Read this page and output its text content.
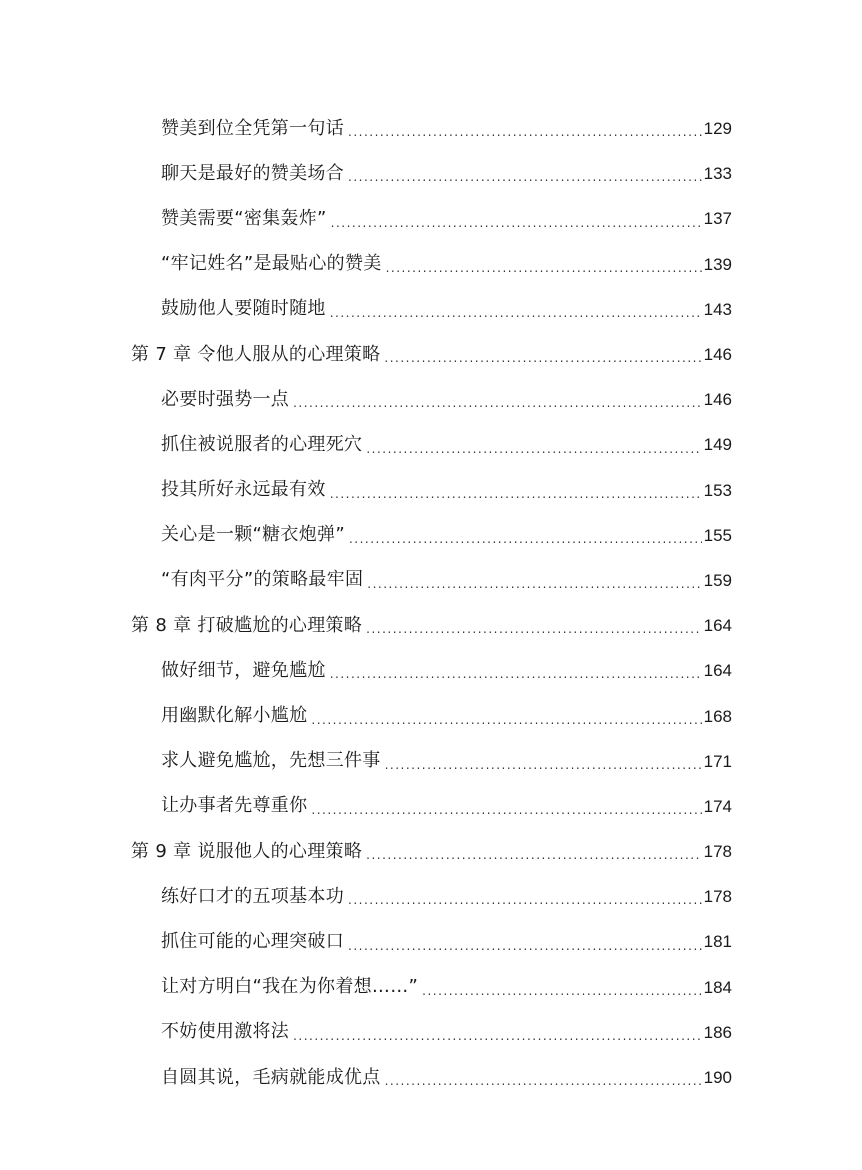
赞美到位全凭第一句话 .....	129
聊天是最好的赞美场合 .....	133
赞美需要“密集轰炸” .....	137
“牢记姓名”是最贴心的赞美 .....	139
鼓励他人要随时随地 .....	143
第 7 章 令他人服从的心理策略 .....	146
必要时强势一点 .....	146
抓住被说服者的心理死穴 .....	149
投其所好永远最有效 .....	153
关心是一颗“糖衣炮弹” .....	155
“有肉平分”的策略最牢固 .....	159
第 8 章 打破尴尬的心理策略 .....	164
做好细节，避免尴尬 .....	164
用幽默化解小尴尬 .....	168
求人避免尴尬，先想三件事 .....	171
让办事者先尊重你 .....	174
第 9 章 说服他人的心理策略 .....	178
练好口才的五项基本功 .....	178
抓住可能的心理突破口 .....	181
让对方明白“我在为你着想……” .....	184
不妨使用激将法 .....	186
自圆其说，毛病就能成优点 .....	190
